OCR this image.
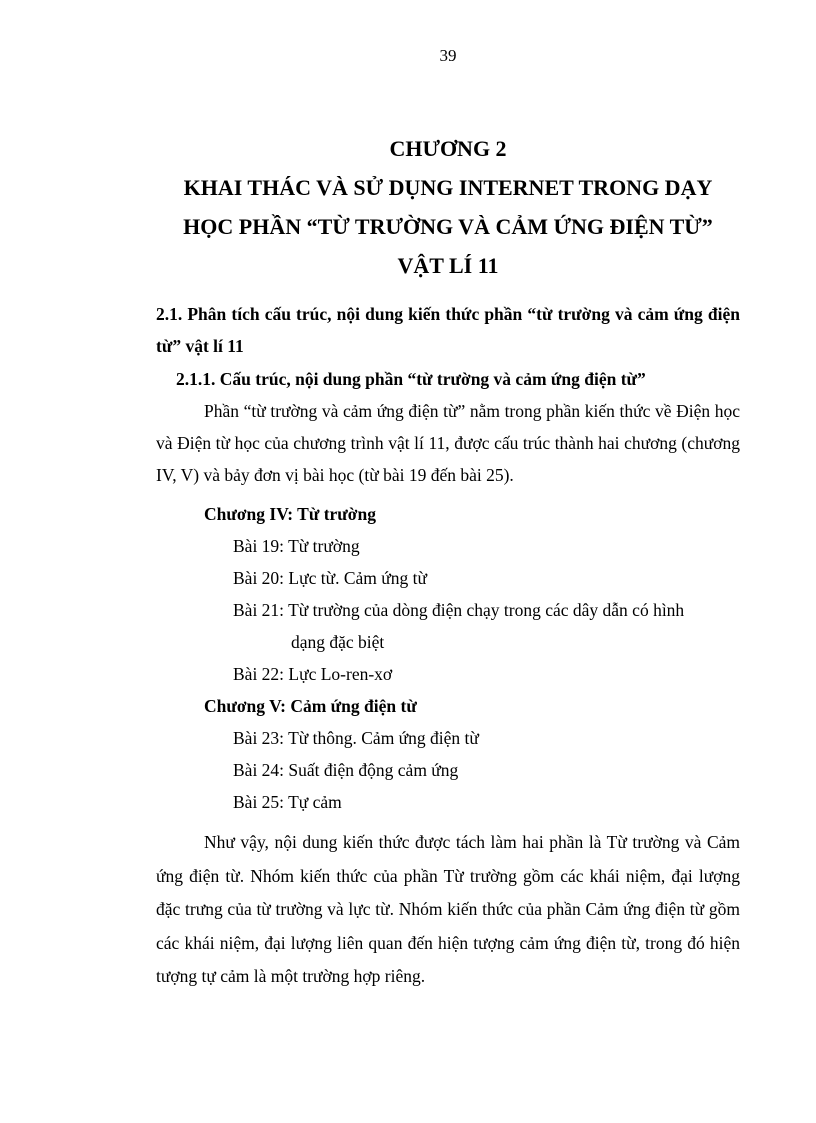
39
CHƯƠNG 2
KHAI THÁC VÀ SỬ DỤNG INTERNET TRONG DẠY
HỌC PHẦN “TỪ TRƯỜNG VÀ CẢM ỨNG ĐIỆN TỪ”
VẬT LÍ 11
2.1. Phân tích cấu trúc, nội dung kiến thức phần “từ trường và cảm ứng điện từ” vật lí 11
2.1.1. Cấu trúc, nội dung phần “từ trường và cảm ứng điện từ”
Phần “từ trường và cảm ứng điện từ” nằm trong phần kiến thức về Điện học và Điện từ học của chương trình vật lí 11, được cấu trúc thành hai chương (chương IV, V) và bảy đơn vị bài học (từ bài 19 đến bài 25).
Chương IV: Từ trường
Bài 19: Từ trường
Bài 20: Lực từ. Cảm ứng từ
Bài 21: Từ trường của dòng điện chạy trong các dây dẫn có hình
dạng đặc biệt
Bài 22: Lực Lo-ren-xơ
Chương V: Cảm ứng điện từ
Bài 23: Từ thông. Cảm ứng điện từ
Bài 24: Suất điện động cảm ứng
Bài 25: Tự cảm
Như vậy, nội dung kiến thức được tách làm hai phần là Từ trường và Cảm ứng điện từ. Nhóm kiến thức của phần Từ trường gồm các khái niệm, đại lượng đặc trưng của từ trường và lực từ. Nhóm kiến thức của phần Cảm ứng điện từ gồm các khái niệm, đại lượng liên quan đến hiện tượng cảm ứng điện từ, trong đó hiện tượng tự cảm là một trường hợp riêng.
